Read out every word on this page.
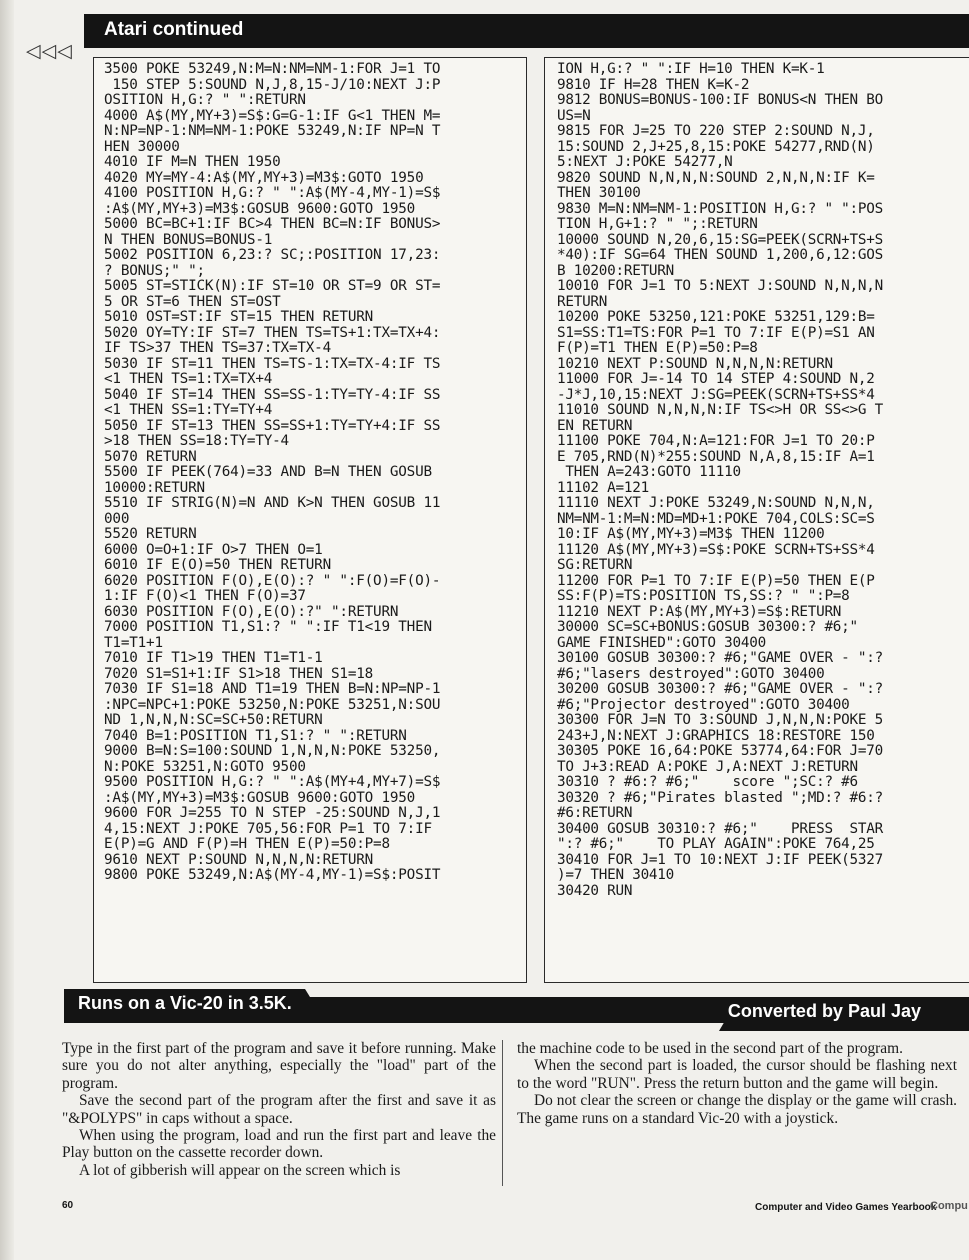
◁◁◁
Atari continued
3500 POKE 53249,N:M=N:NM=NM-1:FOR J=1 TO
150 STEP 5:SOUND N,J,8,15-J/10:NEXT J:P
OSITION H,G:? " ":RETURN
4000 A$(MY,MY+3)=S$:G=G-1:IF G<1 THEN M=
N:NP=NP-1:NM=NM-1:POKE 53249,N:IF NP=N T
HEN 30000
4010 IF M=N THEN 1950
4020 MY=MY-4:A$(MY,MY+3)=M3$:GOTO 1950
4100 POSITION H,G:? " ":A$(MY-4,MY-1)=S$
:A$(MY,MY+3)=M3$:GOSUB 9600:GOTO 1950
5000 BC=BC+1:IF BC>4 THEN BC=N:IF BONUS>
N THEN BONUS=BONUS-1
5002 POSITION 6,23:? SC;:POSITION 17,23:
? BONUS;" ";
5005 ST=STICK(N):IF ST=10 OR ST=9 OR ST=
5 OR ST=6 THEN ST=OST
5010 OST=ST:IF ST=15 THEN RETURN
5020 OY=TY:IF ST=7 THEN TS=TS+1:TX=TX+4:
IF TS>37 THEN TS=37:TX=TX-4
5030 IF ST=11 THEN TS=TS-1:TX=TX-4:IF TS
<1 THEN TS=1:TX=TX+4
5040 IF ST=14 THEN SS=SS-1:TY=TY-4:IF SS
<1 THEN SS=1:TY=TY+4
5050 IF ST=13 THEN SS=SS+1:TY=TY+4:IF SS
>18 THEN SS=18:TY=TY-4
5070 RETURN
5500 IF PEEK(764)=33 AND B=N THEN GOSUB
10000:RETURN
5510 IF STRIG(N)=N AND K>N THEN GOSUB 11
000
5520 RETURN
6000 O=O+1:IF O>7 THEN O=1
6010 IF E(O)=50 THEN RETURN
6020 POSITION F(O),E(O):? " ":F(O)=F(O)-
1:IF F(O)<1 THEN F(O)=37
6030 POSITION F(O),E(O):?" ":RETURN
7000 POSITION T1,S1:? " ":IF T1<19 THEN
T1=T1+1
7010 IF T1>19 THEN T1=T1-1
7020 S1=S1+1:IF S1>18 THEN S1=18
7030 IF S1=18 AND T1=19 THEN B=N:NP=NP-1
:NPC=NPC+1:POKE 53250,N:POKE 53251,N:SOU
ND 1,N,N,N:SC=SC+50:RETURN
7040 B=1:POSITION T1,S1:? " ":RETURN
9000 B=N:S=100:SOUND 1,N,N,N:POKE 53250,
N:POKE 53251,N:GOTO 9500
9500 POSITION H,G:? " ":A$(MY+4,MY+7)=S$
:A$(MY,MY+3)=M3$:GOSUB 9600:GOTO 1950
9600 FOR J=255 TO N STEP -25:SOUND N,J,1
4,15:NEXT J:POKE 705,56:FOR P=1 TO 7:IF
E(P)=G AND F(P)=H THEN E(P)=50:P=8
9610 NEXT P:SOUND N,N,N,N:RETURN
9800 POKE 53249,N:A$(MY-4,MY-1)=S$:POSIT

ION H,G:? " ":IF H=10 THEN K=K-1
9810 IF H=28 THEN K=K-2
9812 BONUS=BONUS-100:IF BONUS<N THEN BO
US=N
9815 FOR J=25 TO 220 STEP 2:SOUND N,J,
15:SOUND 2,J+25,8,15:POKE 54277,RND(N)
5:NEXT J:POKE 54277,N
9820 SOUND N,N,N,N:SOUND 2,N,N,N:IF K=
THEN 30100
9830 M=N:NM=NM-1:POSITION H,G:? " ":POS
TION H,G+1:? " ";:RETURN
10000 SOUND N,20,6,15:SG=PEEK(SCRN+TS+S
*40):IF SG=64 THEN SOUND 1,200,6,12:GOS
B 10200:RETURN
10010 FOR J=1 TO 5:NEXT J:SOUND N,N,N,N
RETURN
10200 POKE 53250,121:POKE 53251,129:B=
S1=SS:T1=TS:FOR P=1 TO 7:IF E(P)=S1 AN
F(P)=T1 THEN E(P)=50:P=8
10210 NEXT P:SOUND N,N,N,N:RETURN
11000 FOR J=-14 TO 14 STEP 4:SOUND N,2
-J*J,10,15:NEXT J:SG=PEEK(SCRN+TS+SS*4
11010 SOUND N,N,N,N:IF TS<>H OR SS<>G T
EN RETURN
11100 POKE 704,N:A=121:FOR J=1 TO 20:P
E 705,RND(N)*255:SOUND N,A,8,15:IF A=1
THEN A=243:GOTO 11110
11102 A=121
11110 NEXT J:POKE 53249,N:SOUND N,N,N,
NM=NM-1:M=N:MD=MD+1:POKE 704,COLS:SC=S
10:IF A$(MY,MY+3)=M3$ THEN 11200
11120 A$(MY,MY+3)=S$:POKE SCRN+TS+SS*4
SG:RETURN
11200 FOR P=1 TO 7:IF E(P)=50 THEN E(P
SS:F(P)=TS:POSITION TS,SS:? " ":P=8
11210 NEXT P:A$(MY,MY+3)=S$:RETURN
30000 SC=SC+BONUS:GOSUB 30300:? #6;"
GAME FINISHED":GOTO 30400
30100 GOSUB 30300:? #6;"GAME OVER - ":?
#6;"lasers destroyed":GOTO 30400
30200 GOSUB 30300:? #6;"GAME OVER - ":?
#6;"Projector destroyed":GOTO 30400
30300 FOR J=N TO 3:SOUND J,N,N,N:POKE 5
243+J,N:NEXT J:GRAPHICS 18:RESTORE 150
30305 POKE 16,64:POKE 53774,64:FOR J=70
TO J+3:READ A:POKE J,A:NEXT J:RETURN
30310 ? #6:? #6;"    score ";SC:? #6
30320 ? #6;"Pirates blasted ";MD:? #6:?
#6:RETURN
30400 GOSUB 30310:? #6;"    PRESS  STAR
":? #6;"    TO PLAY AGAIN":POKE 764,25
30410 FOR J=1 TO 10:NEXT J:IF PEEK(5327
)=7 THEN 30410
30420 RUN

Runs on a Vic-20 in 3.5K.	Converted by Paul Jay

Type in the first part of the program and save it before running. Make sure you do not alter anything, especially the "load" part of the program.

Save the second part of the program after the first and save it as "&POLYPS" in caps without a space.

When using the program, load and run the first part and leave the Play button on the cassette recorder down.

A lot of gibberish will appear on the screen which is

the machine code to be used in the second part of the program.

When the second part is loaded, the cursor should be flashing next to the word "RUN". Press the return button and the game will begin.

Do not clear the screen or change the display or the game will crash. The game runs on a standard Vic-20 with a joystick.

60	Computer and Video Games Yearbook
Compu
